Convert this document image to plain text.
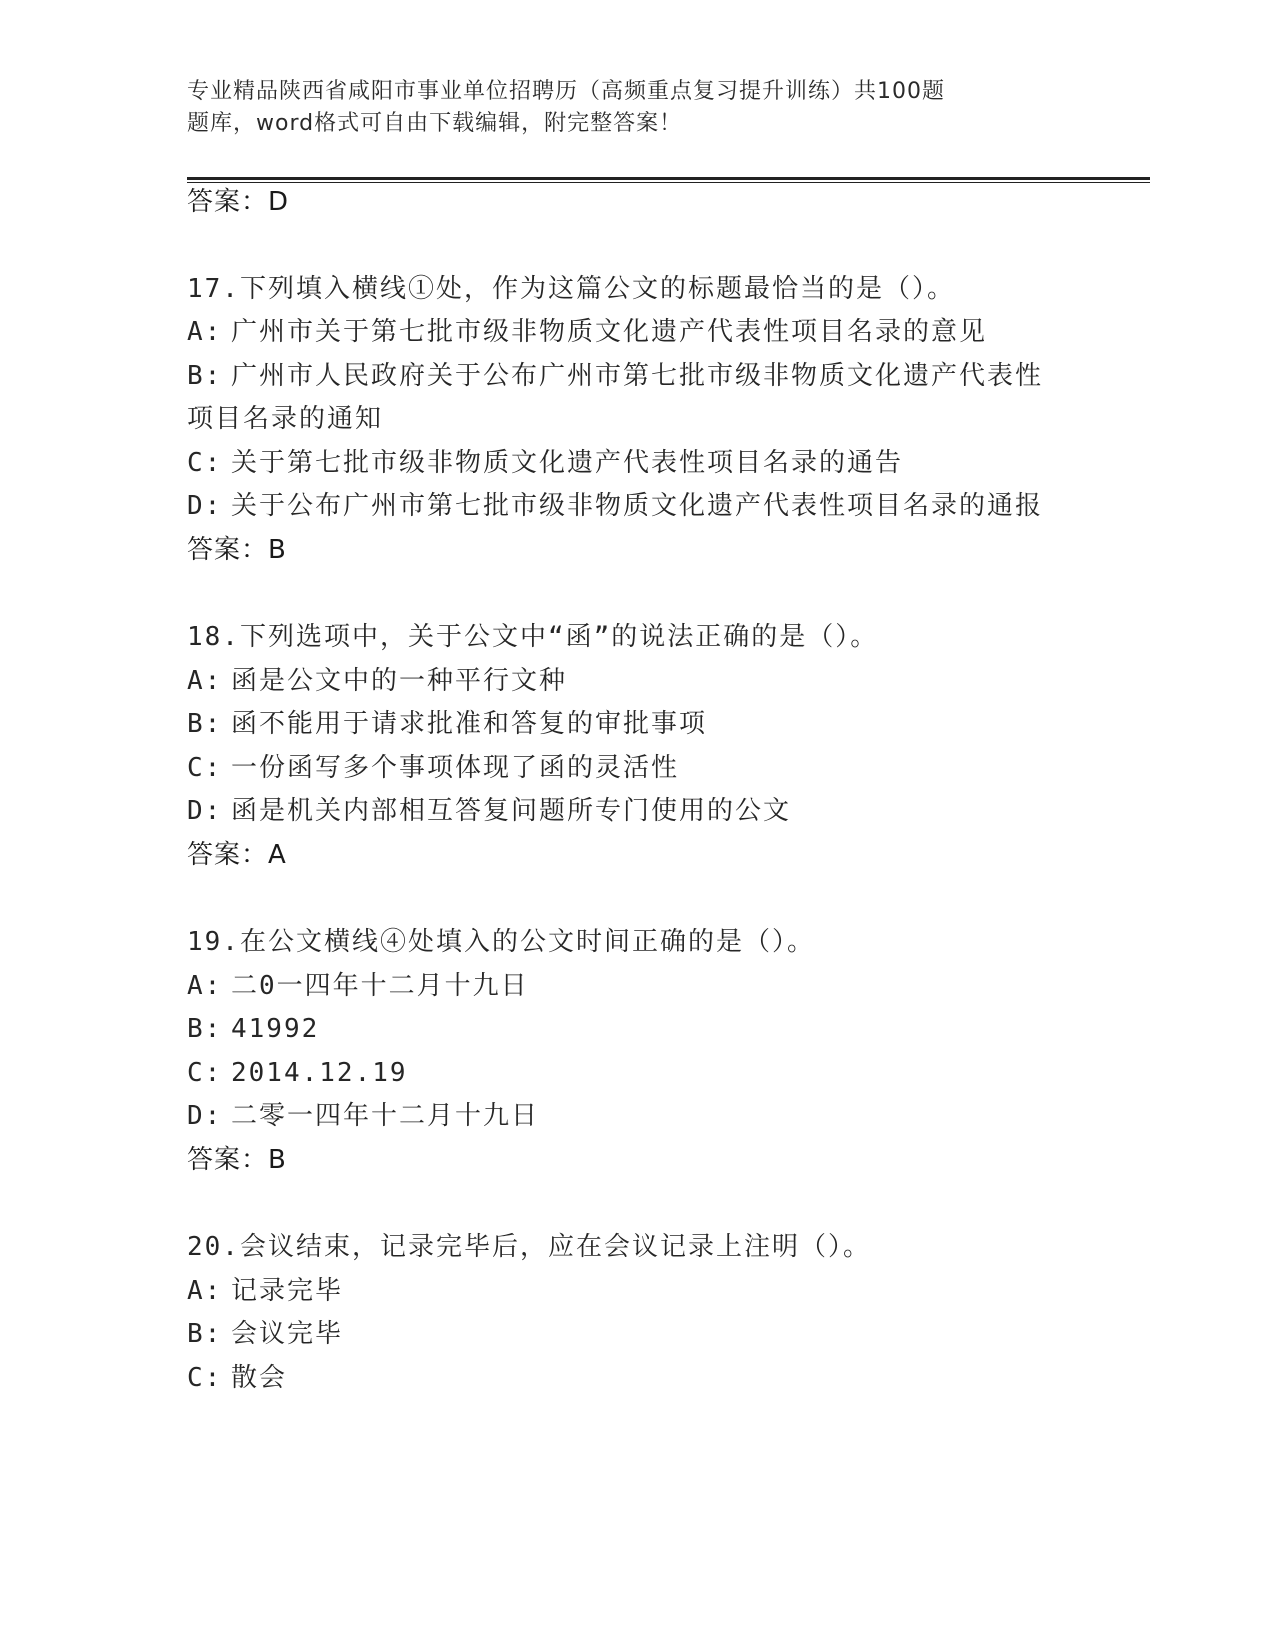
专业精品陕西省咸阳市事业单位招聘历（高频重点复习提升训练）共100题
题库，word格式可自由下载编辑，附完整答案！
答案：D
17.下列填入横线①处，作为这篇公文的标题最恰当的是（）。
A: 广州市关于第七批市级非物质文化遗产代表性项目名录的意见
B: 广州市人民政府关于公布广州市第七批市级非物质文化遗产代表性
项目名录的通知
C: 关于第七批市级非物质文化遗产代表性项目名录的通告
D: 关于公布广州市第七批市级非物质文化遗产代表性项目名录的通报
答案：B
18.下列选项中，关于公文中“函”的说法正确的是（）。
A: 函是公文中的一种平行文种
B: 函不能用于请求批准和答复的审批事项
C: 一份函写多个事项体现了函的灵活性
D: 函是机关内部相互答复问题所专门使用的公文
答案：A
19.在公文横线④处填入的公文时间正确的是（）。
A: 二0一四年十二月十九日
B: 41992
C: 2014.12.19
D: 二零一四年十二月十九日
答案：B
20.会议结束，记录完毕后，应在会议记录上注明（）。
A: 记录完毕
B: 会议完毕
C: 散会
